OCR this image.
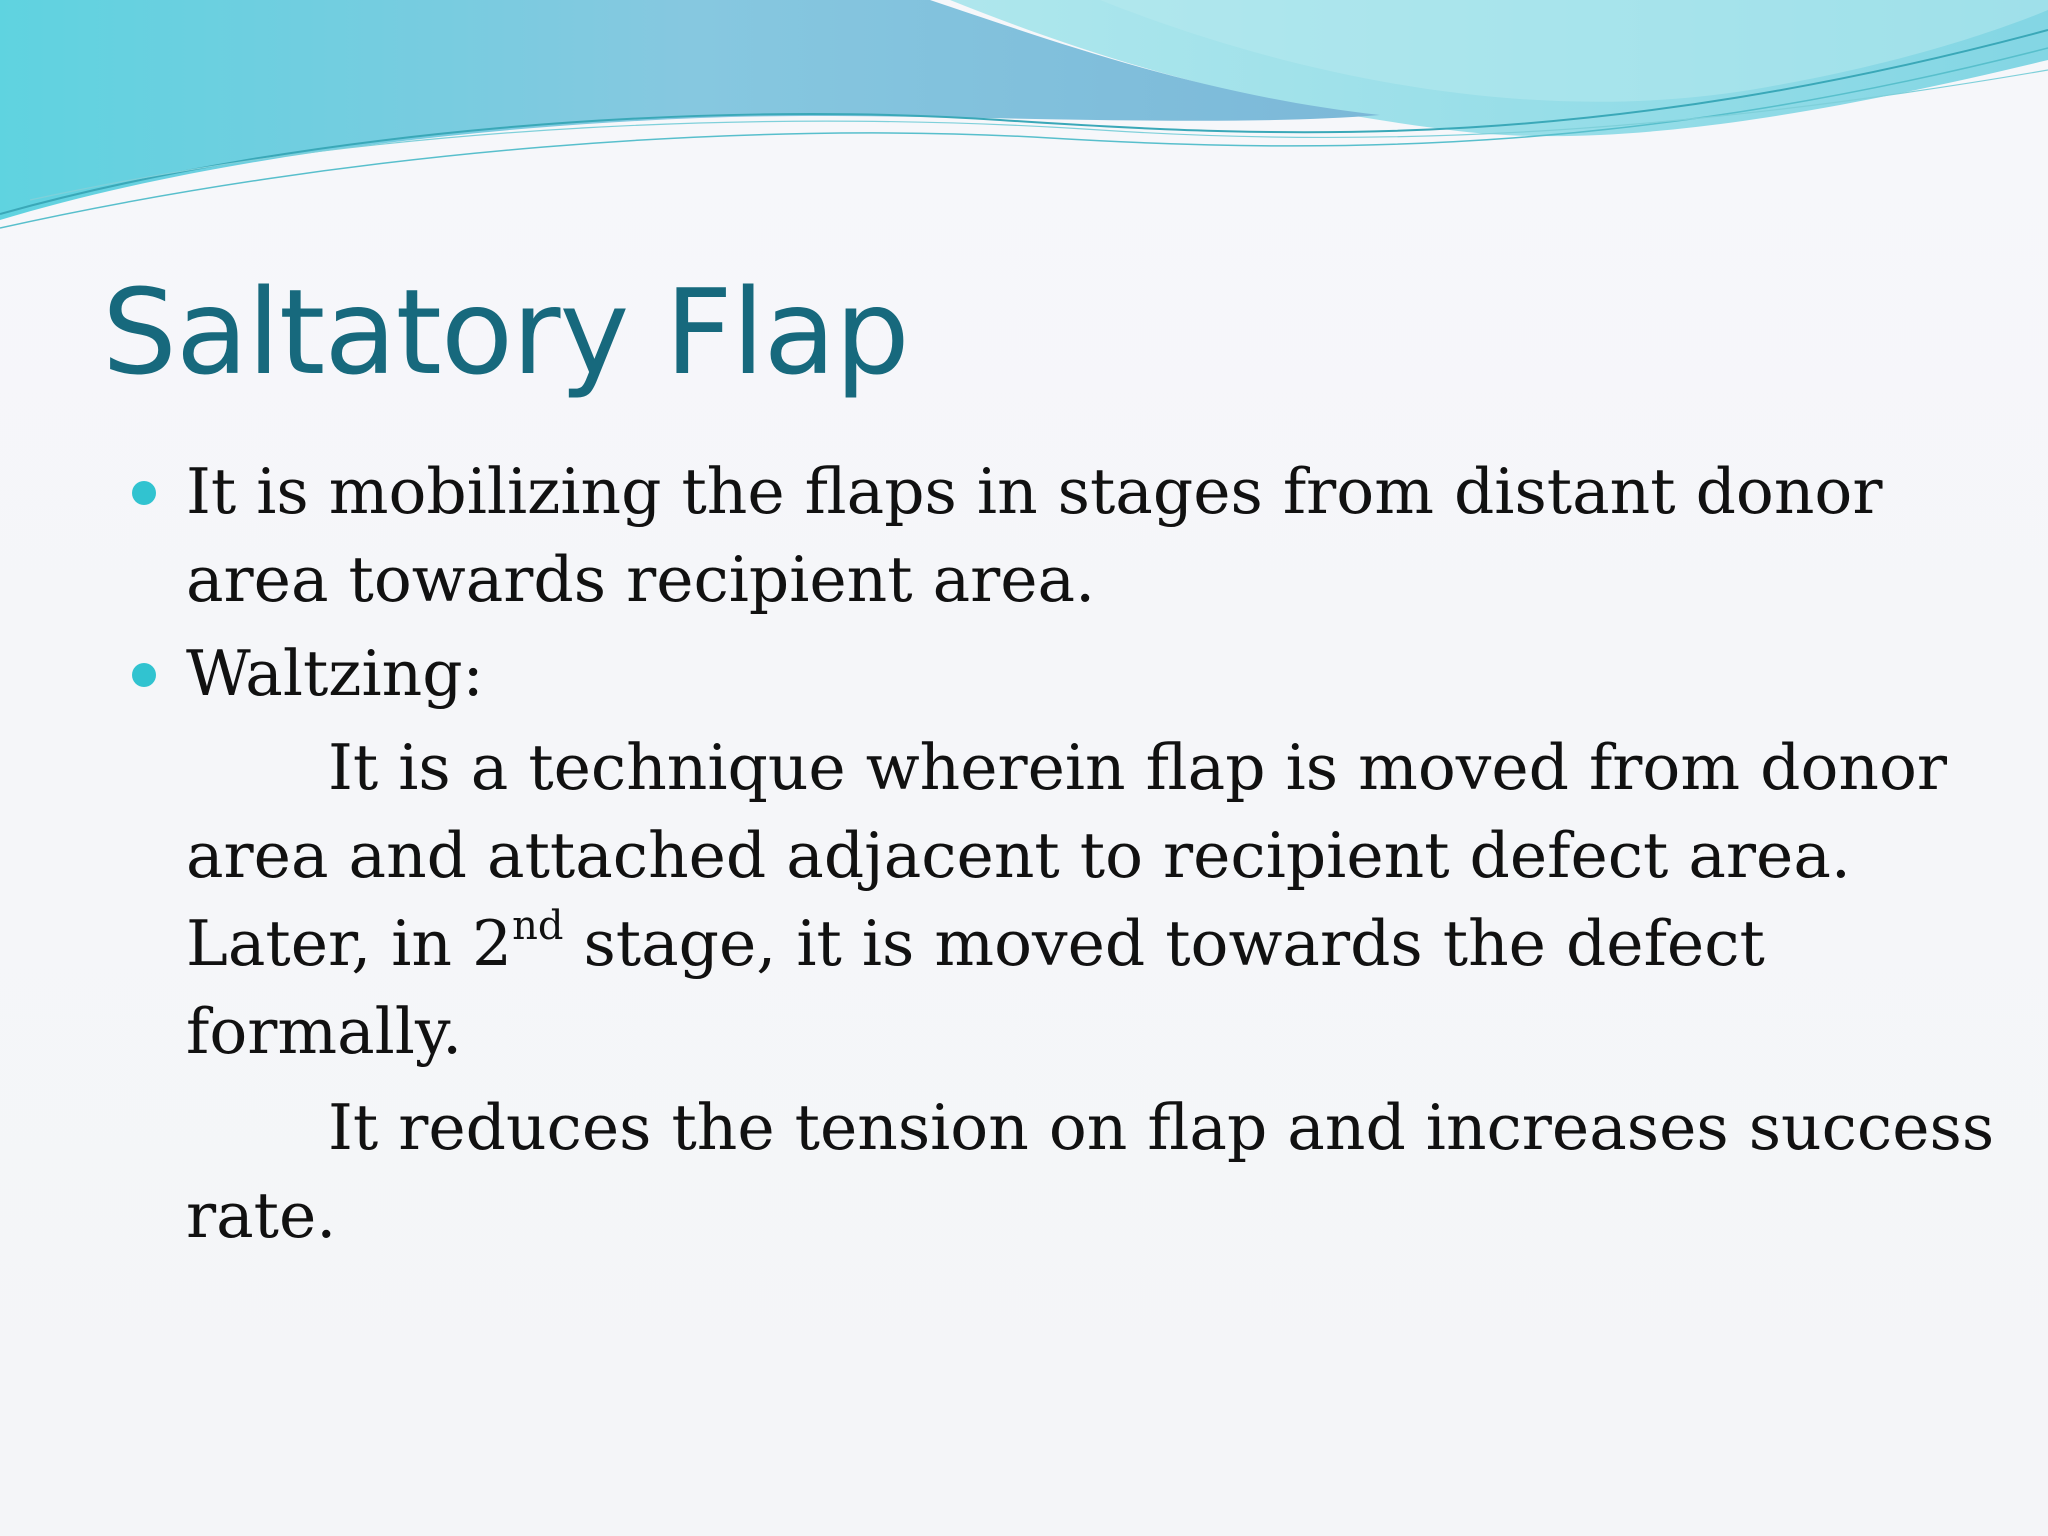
Saltatory Flap
It is mobilizing the flaps in stages from distant donor area towards recipient area.
Waltzing:
It is a technique wherein flap is moved from donor area and attached adjacent to recipient defect area. Later, in 2nd stage, it is moved towards the defect formally.
It reduces the tension on flap and increases success rate.
